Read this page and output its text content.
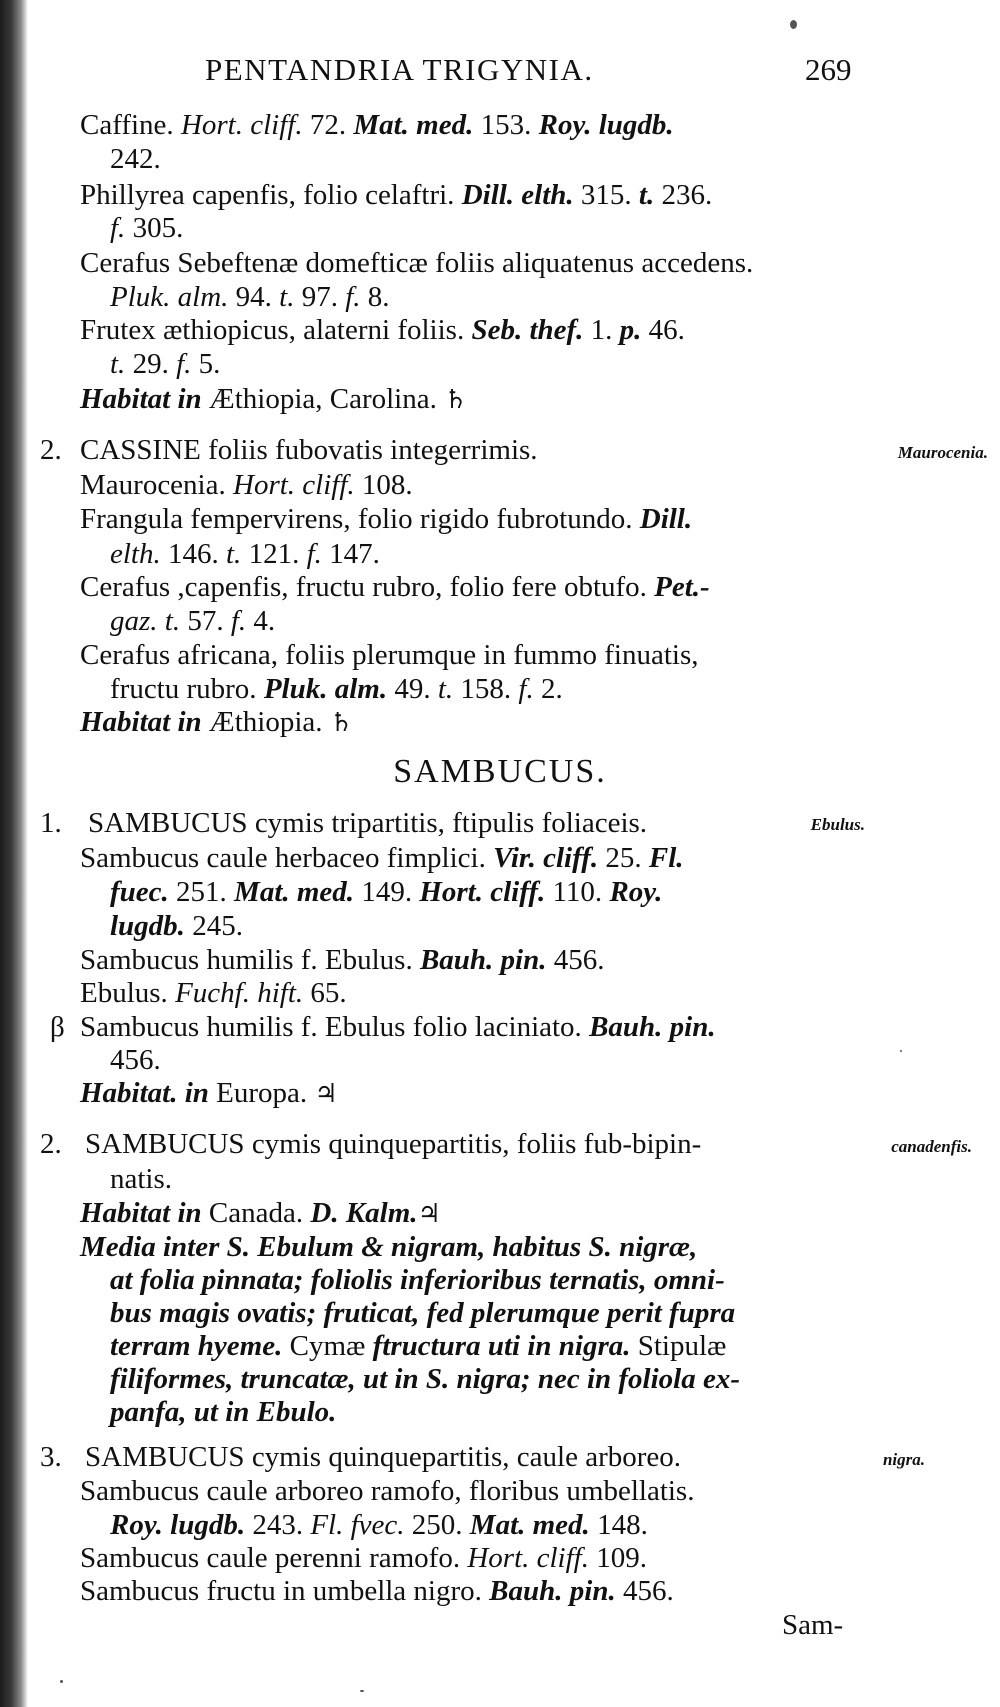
PENTANDRIA TRIGYNIA.	269
Caffine. Hort. cliff. 72. Mat. med. 153. Roy. lugdb.
242.
Phillyrea capenfis, folio celaftri. Dill. elth. 315. t. 236.
f. 305.
Cerafus Sebeftenæ domefticæ foliis aliquatenus accedens.
Pluk. alm. 94. t. 97. f. 8.
Frutex æthiopicus, alaterni foliis. Seb. thef. 1. p. 46.
t. 29. f. 5.
Habitat in Æthiopia, Carolina. ♄
2.	Maurocenia.
CASSINE foliis fubovatis integerrimis.
Maurocenia. Hort. cliff. 108.
Frangula fempervirens, folio rigido fubrotundo. Dill.
elth. 146. t. 121. f. 147.
Cerafus ,capenfis, fructu rubro, folio fere obtufo. Pet.-
gaz. t. 57. f. 4.
Cerafus africana, foliis plerumque in fummo finuatis,
fructu rubro. Pluk. alm. 49. t. 158. f. 2.
Habitat in Æthiopia. ♄
SAMBUCUS.
1.	Ebulus.
SAMBUCUS cymis tripartitis, ftipulis foliaceis.
Sambucus caule herbaceo fimplici. Vir. cliff. 25. Fl.
fuec. 251. Mat. med. 149. Hort. cliff. 110. Roy.
lugdb. 245.
Sambucus humilis f. Ebulus. Bauh. pin. 456.
Ebulus. Fuchf. hift. 65.
β Sambucus humilis f. Ebulus folio laciniato. Bauh. pin.
456.
Habitat. in Europa. ♃
2.	canadenfis.
SAMBUCUS cymis quinquepartitis, foliis fub-bipin-
natis.
Habitat in Canada. D. Kalm.♃
Media inter S. Ebulum & nigram, habitus S. nigræ,
at folia pinnata; foliolis inferioribus ternatis, omni-
bus magis ovatis; fruticat, fed plerumque perit fupra
terram hyeme. Cymæ ftructura uti in nigra. Stipulæ
filiformes, truncatæ, ut in S. nigra; nec in foliola ex-
panfa, ut in Ebulo.
3.	nigra.
SAMBUCUS cymis quinquepartitis, caule arboreo.
Sambucus caule arboreo ramofo, floribus umbellatis.
Roy. lugdb. 243. Fl. fvec. 250. Mat. med. 148.
Sambucus caule perenni ramofo. Hort. cliff. 109.
Sambucus fructu in umbella nigro. Bauh. pin. 456.
Sam-
